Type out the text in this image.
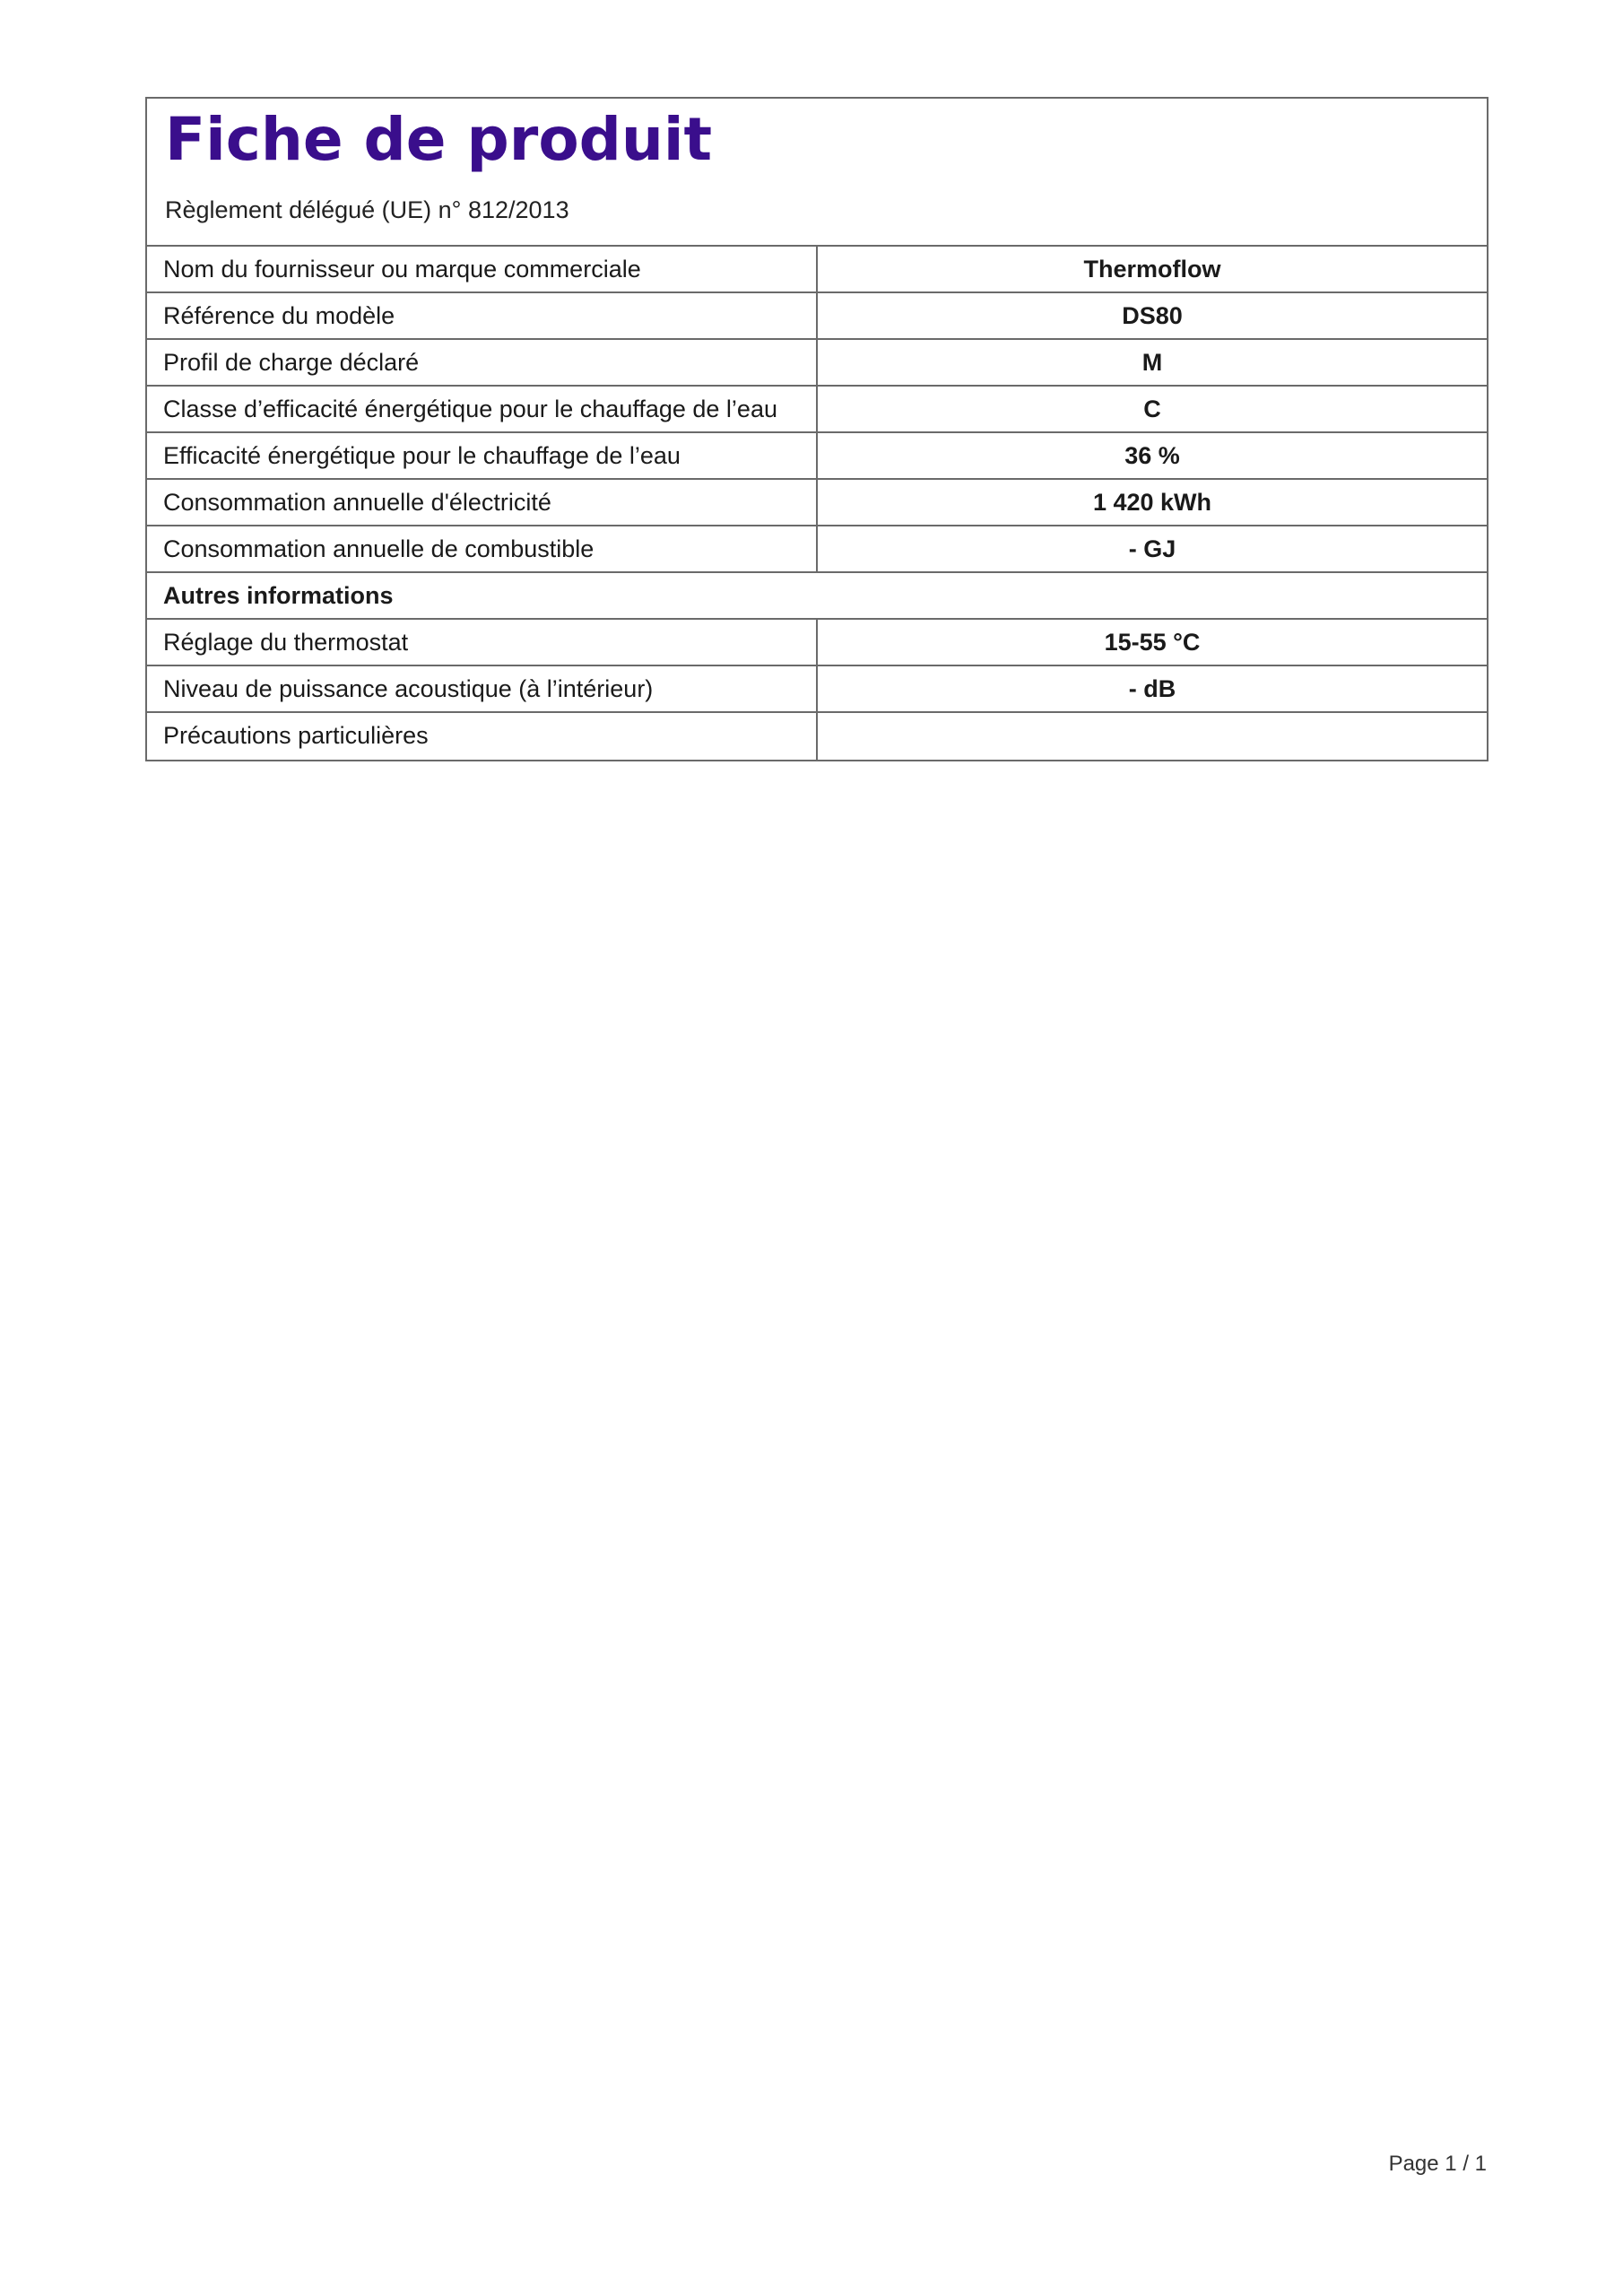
Fiche de produit
Règlement délégué (UE) n° 812/2013
Nom du fournisseur ou marque commerciale	Thermoflow
Référence du modèle	DS80
Profil de charge déclaré	M
Classe d’efficacité énergétique pour le chauffage de l’eau	C
Efficacité énergétique pour le chauffage de l’eau	36 %
Consommation annuelle d'électricité	1 420 kWh
Consommation annuelle de combustible	- GJ
Autres informations
Réglage du thermostat	15-55 °C
Niveau de puissance acoustique (à l’intérieur)	- dB
Précautions particulières
Page 1 / 1
